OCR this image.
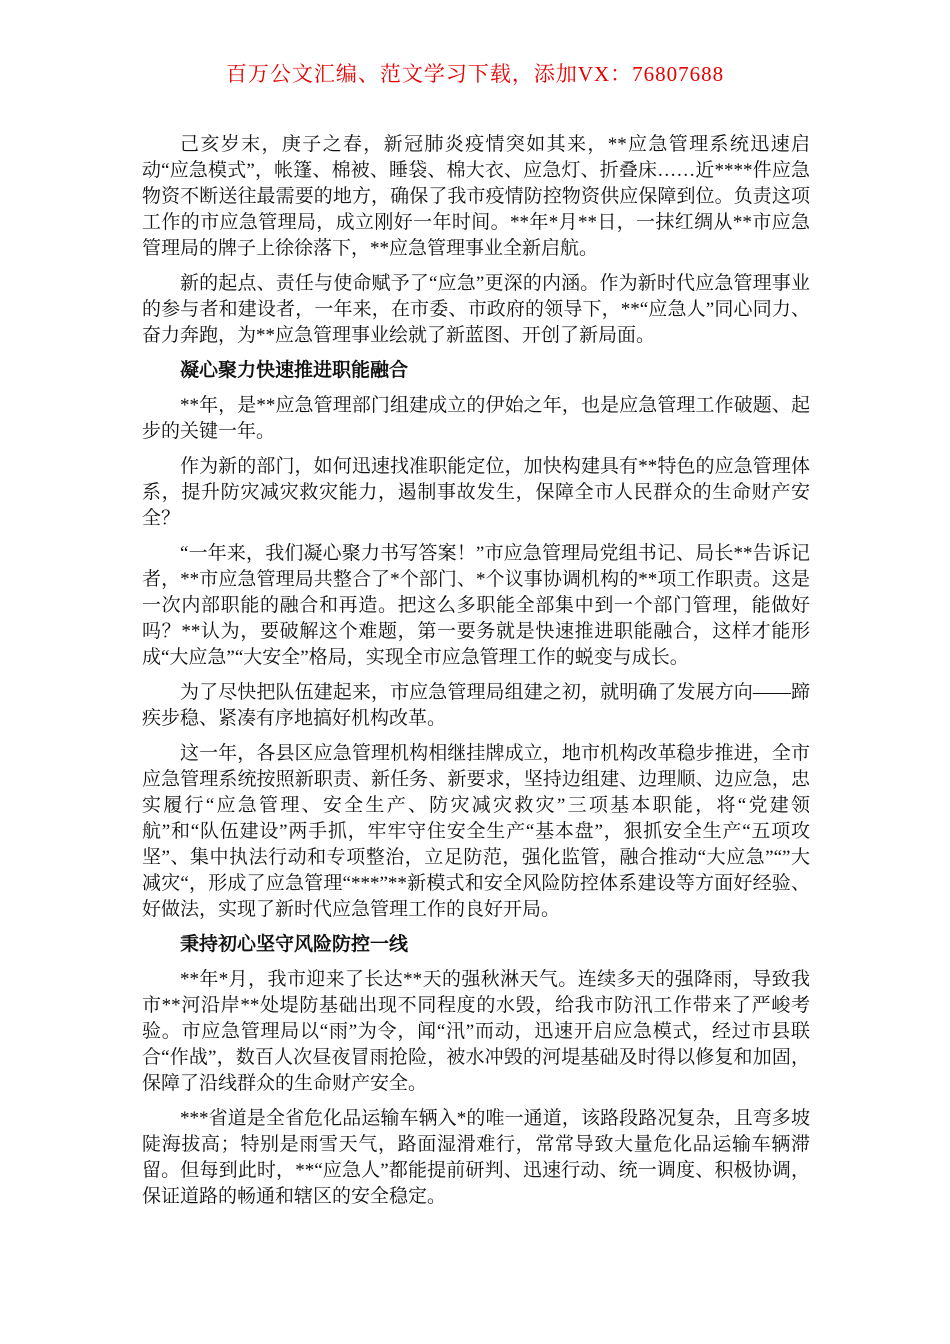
百万公文汇编、范文学习下载，添加VX：76807688

己亥岁末，庚子之春，新冠肺炎疫情突如其来，**应急管理系统迅速启动“应急模式”，帐篷、棉被、睡袋、棉大衣、应急灯、折叠床……近****件应急物资不断送往最需要的地方，确保了我市疫情防控物资供应保障到位。负责这项工作的市应急管理局，成立刚好一年时间。**年*月**日，一抹红绸从**市应急管理局的牌子上徐徐落下，**应急管理事业全新启航。

新的起点、责任与使命赋予了“应急”更深的内涵。作为新时代应急管理事业的参与者和建设者，一年来，在市委、市政府的领导下，**“应急人”同心同力、奋力奔跑，为**应急管理事业绘就了新蓝图、开创了新局面。

凝心聚力快速推进职能融合

**年，是**应急管理部门组建成立的伊始之年，也是应急管理工作破题、起步的关键一年。

作为新的部门，如何迅速找准职能定位，加快构建具有**特色的应急管理体系，提升防灾减灾救灾能力，遏制事故发生，保障全市人民群众的生命财产安全？

“一年来，我们凝心聚力书写答案！”市应急管理局党组书记、局长**告诉记者，**市应急管理局共整合了*个部门、*个议事协调机构的**项工作职责。这是一次内部职能的融合和再造。把这么多职能全部集中到一个部门管理，能做好吗？**认为，要破解这个难题，第一要务就是快速推进职能融合，这样才能形成“大应急”“大安全”格局，实现全市应急管理工作的蜕变与成长。

为了尽快把队伍建起来，市应急管理局组建之初，就明确了发展方向——蹄疾步稳、紧凑有序地搞好机构改革。

这一年，各县区应急管理机构相继挂牌成立，地市机构改革稳步推进，全市应急管理系统按照新职责、新任务、新要求，坚持边组建、边理顺、边应急，忠实履行“应急管理、安全生产、防灾减灾救灾”三项基本职能，将“党建领航”和“队伍建设”两手抓，牢牢守住安全生产“基本盘”，狠抓安全生产“五项攻坚”、集中执法行动和专项整治，立足防范，强化监管，融合推动“大应急”“”大减灾“，形成了应急管理“***”**新模式和安全风险防控体系建设等方面好经验、好做法，实现了新时代应急管理工作的良好开局。

秉持初心坚守风险防控一线

**年*月，我市迎来了长达**天的强秋淋天气。连续多天的强降雨，导致我市**河沿岸**处堤防基础出现不同程度的水毁，给我市防汛工作带来了严峻考验。市应急管理局以“雨”为令，闻“汛”而动，迅速开启应急模式，经过市县联合“作战”，数百人次昼夜冒雨抢险，被水冲毁的河堤基础及时得以修复和加固，保障了沿线群众的生命财产安全。

***省道是全省危化品运输车辆入*的唯一通道，该路段路况复杂，且弯多坡陡海拔高；特别是雨雪天气，路面湿滑难行，常常导致大量危化品运输车辆滞留。但每到此时，**“应急人”都能提前研判、迅速行动、统一调度、积极协调，保证道路的畅通和辖区的安全稳定。
